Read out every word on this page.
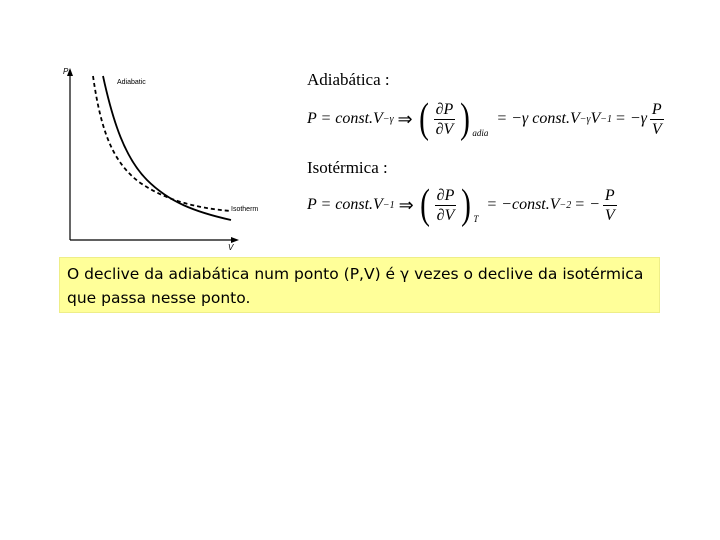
P
V
Adiabatic
Isotherm
Adiabática :
P = const.V −γ ⇒ ( $\frac{\partial P}{\partial V}$ ) adia
= −γ const.V −γ $V -1 = -\gamma \frac{P}{V}$
Isotérmica :
P = const.V −1 ⇒ ( $\frac{\partial P}{\partial V}$ ) T
= −const.V −2 = − $\frac{P}{V}$
O declive da adiabática num ponto (P,V) é γ vezes o declive da isotérmica que passa nesse ponto.
